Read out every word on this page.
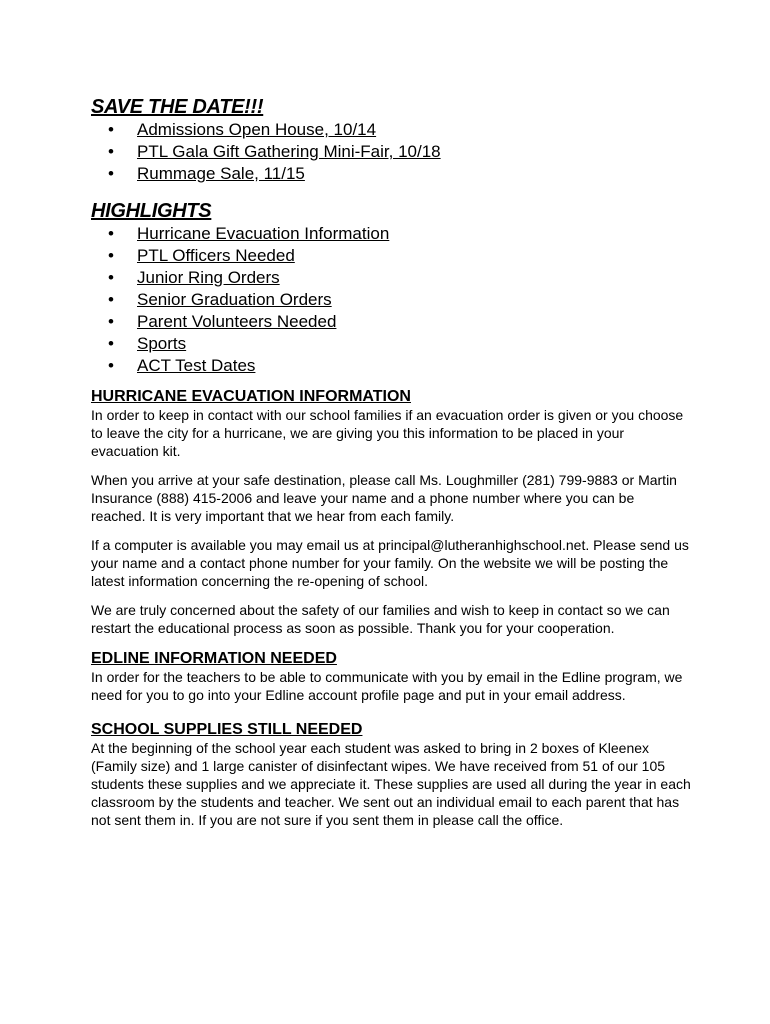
SAVE THE DATE!!!
• Admissions Open House, 10/14
• PTL Gala Gift Gathering Mini-Fair, 10/18
• Rummage Sale, 11/15
HIGHLIGHTS
• Hurricane Evacuation Information
• PTL Officers Needed
• Junior Ring Orders
• Senior Graduation Orders
• Parent Volunteers Needed
• Sports
• ACT Test Dates
HURRICANE EVACUATION INFORMATION

In order to keep in contact with our school families if an evacuation order is given or you choose to leave the city for a hurricane, we are giving you this information to be placed in your evacuation kit.

When you arrive at your safe destination, please call Ms. Loughmiller (281) 799-9883 or Martin Insurance (888) 415-2006 and leave your name and a phone number where you can be reached. It is very important that we hear from each family.

If a computer is available you may email us at principal@lutheranhighschool.net. Please send us your name and a contact phone number for your family. On the website we will be posting the latest information concerning the re-opening of school.

We are truly concerned about the safety of our families and wish to keep in contact so we can restart the educational process as soon as possible. Thank you for your cooperation.

EDLINE INFORMATION NEEDED

In order for the teachers to be able to communicate with you by email in the Edline program, we need for you to go into your Edline account profile page and put in your email address.

SCHOOL SUPPLIES STILL NEEDED

At the beginning of the school year each student was asked to bring in 2 boxes of Kleenex (Family size) and 1 large canister of disinfectant wipes. We have received from 51 of our 105 students these supplies and we appreciate it. These supplies are used all during the year in each classroom by the students and teacher. We sent out an individual email to each parent that has not sent them in. If you are not sure if you sent them in please call the office.
